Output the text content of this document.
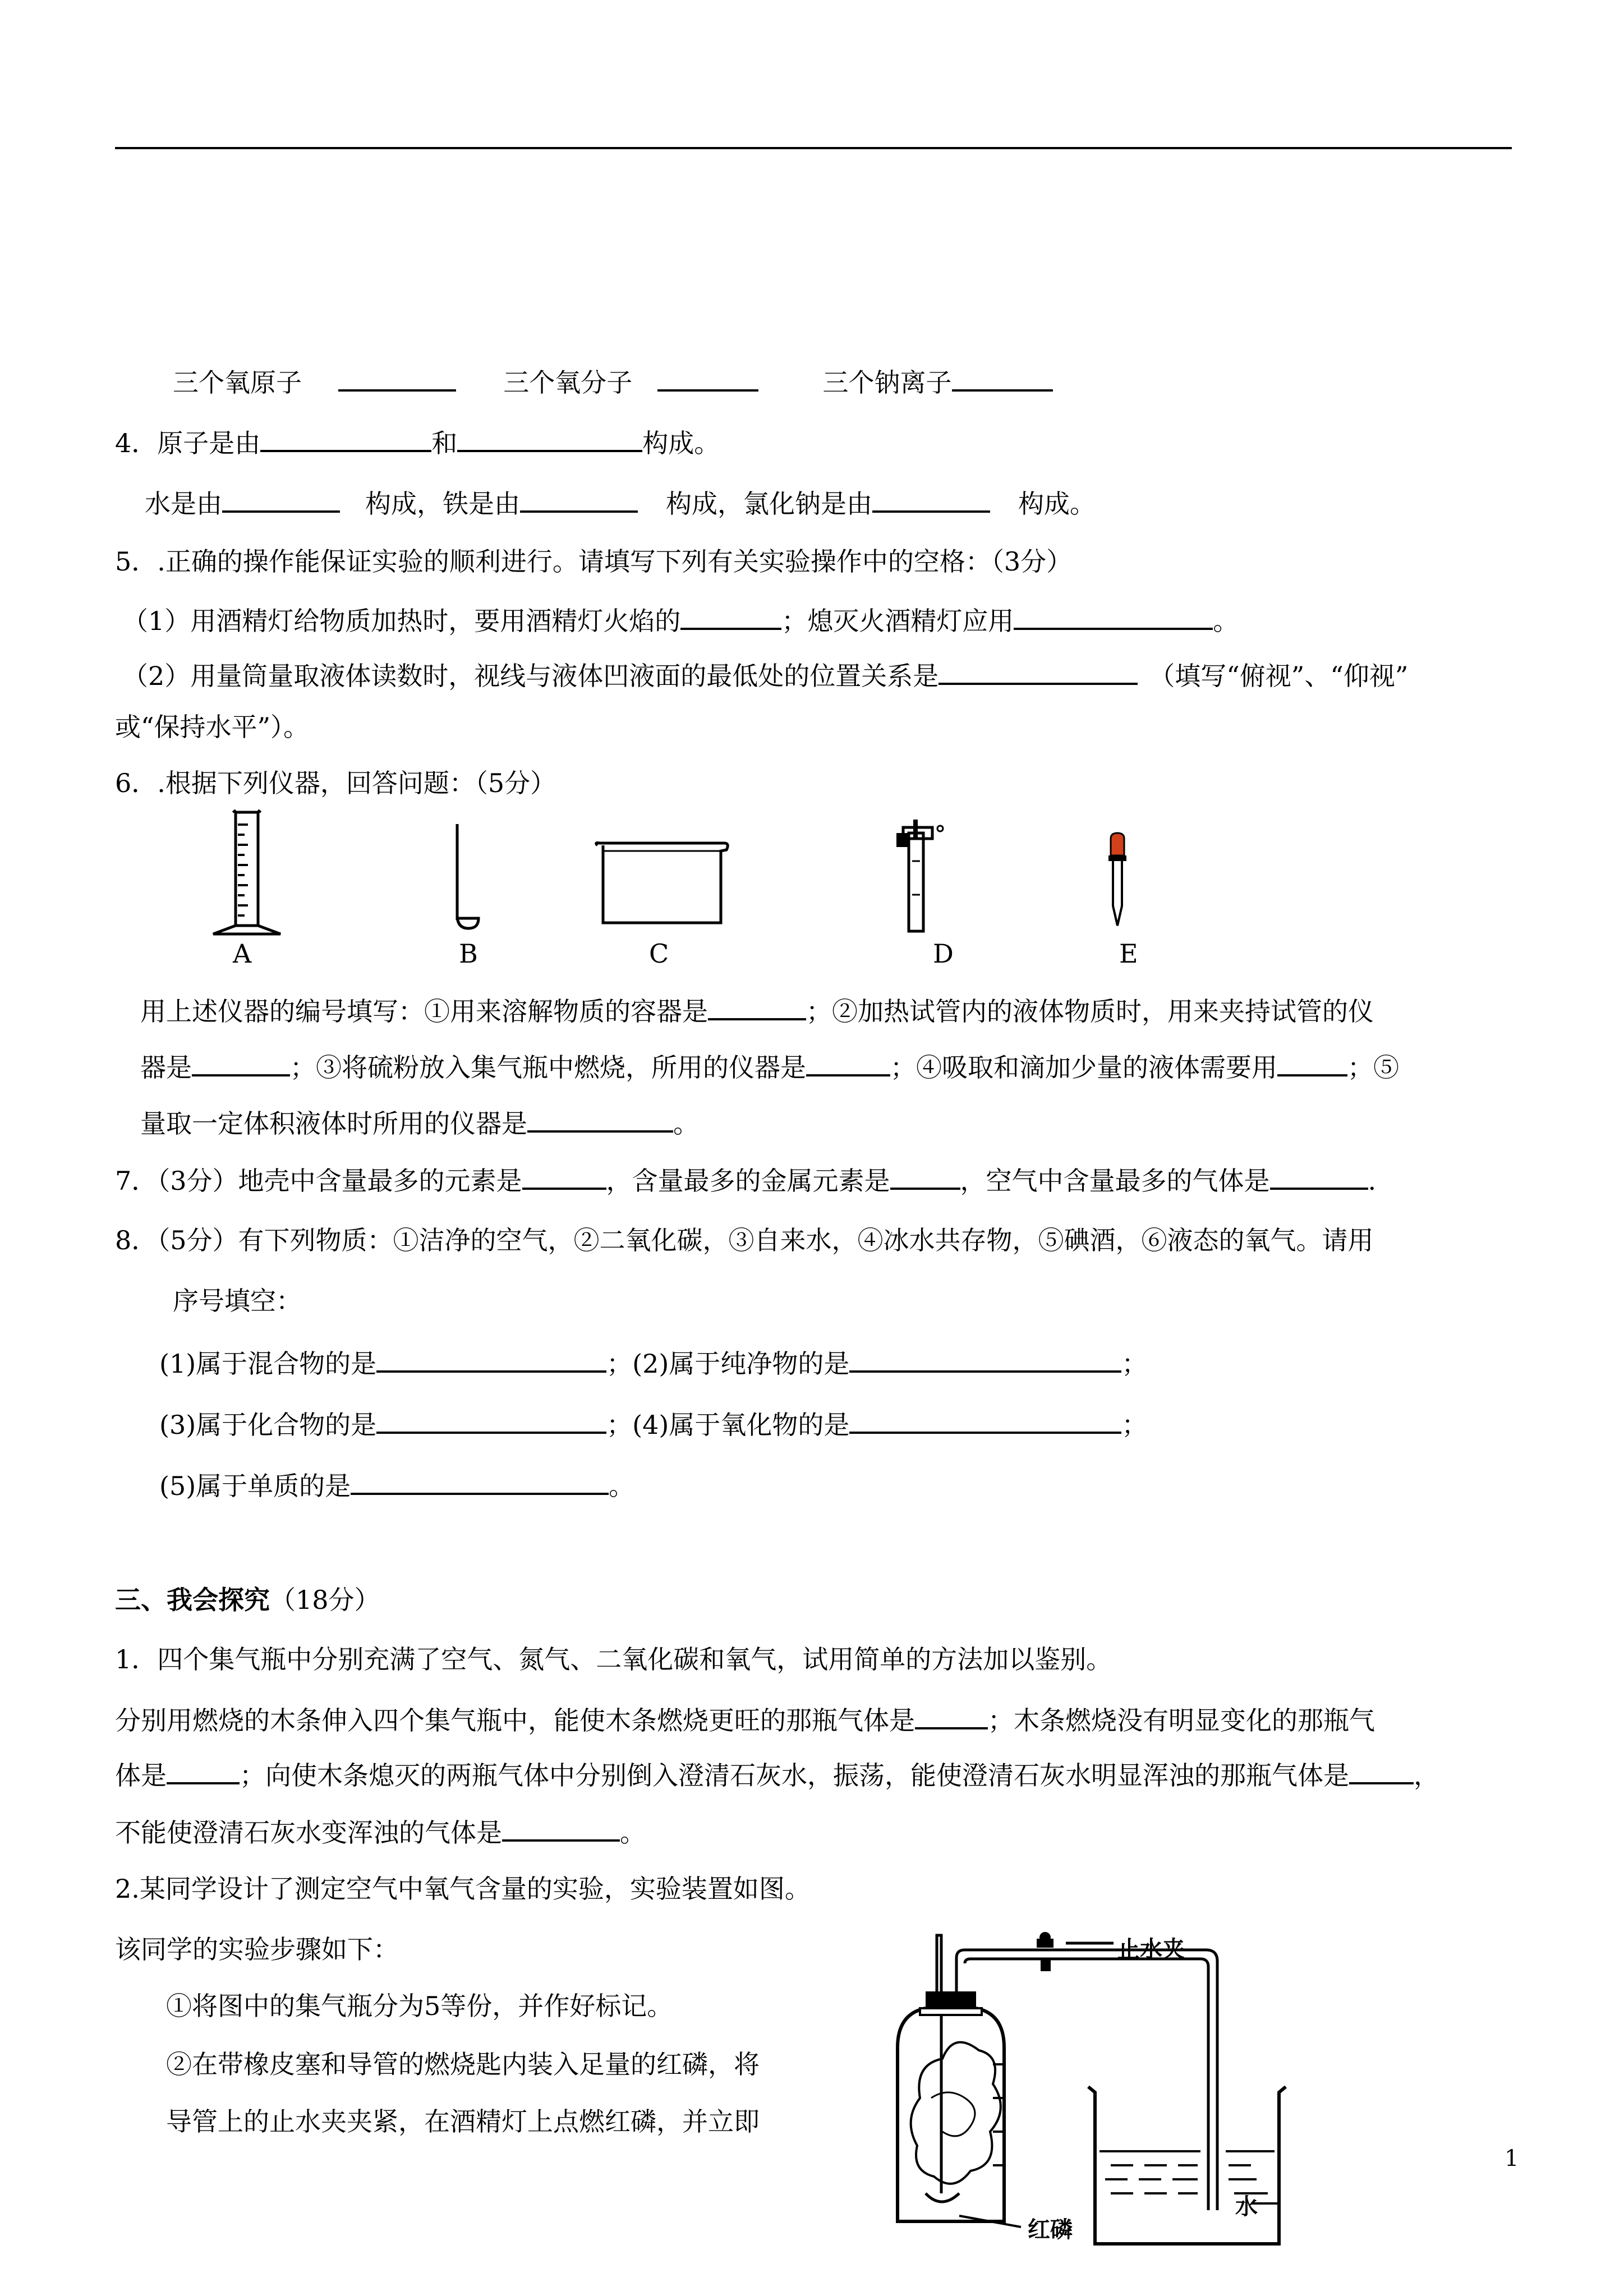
三个氧原子	三个氧分子	三个钠离子
4．原子是由	和	构成。
水是由	构成，铁是由	构成，氯化钠是由	构成。
5．.正确的操作能保证实验的顺利进行。请填写下列有关实验操作中的空格：（3分）
（1）用酒精灯给物质加热时，要用酒精灯火焰的	；熄灭火酒精灯应用	。
（2）用量筒量取液体读数时，视线与液体凹液面的最低处的位置关系是	（填写“俯视”、“仰视”
或“保持水平”）。
6．.根据下列仪器，回答问题：（5分）
A	B	C	D	E
用上述仪器的编号填写：①用来溶解物质的容器是	；②加热试管内的液体物质时，用来夹持试管的仪
器是	；③将硫粉放入集气瓶中燃烧，所用的仪器是	；④吸取和滴加少量的液体需要用	；⑤
量取一定体积液体时所用的仪器是	。
7．（3分）地壳中含量最多的元素是	，含量最多的金属元素是	，空气中含量最多的气体是	.
8．（5分）有下列物质：①洁净的空气，②二氧化碳，③自来水，④冰水共存物，⑤碘酒，⑥液态的氧气。请用
序号填空：
(1)属于混合物的是	；(2)属于纯净物的是	；
(3)属于化合物的是	；(4)属于氧化物的是	；
(5)属于单质的是	。
三、我会探究（18分）
1．四个集气瓶中分别充满了空气、氮气、二氧化碳和氧气，试用简单的方法加以鉴别。
分别用燃烧的木条伸入四个集气瓶中，能使木条燃烧更旺的那瓶气体是	；木条燃烧没有明显变化的那瓶气
体是	；向使木条熄灭的两瓶气体中分别倒入澄清石灰水，振荡，能使澄清石灰水明显浑浊的那瓶气体是	，
不能使澄清石灰水变浑浊的气体是	。
2.某同学设计了测定空气中氧气含量的实验，实验装置如图。
该同学的实验步骤如下：
①将图中的集气瓶分为5等份，并作好标记。
②在带橡皮塞和导管的燃烧匙内装入足量的红磷，将
导管上的止水夹夹紧，在酒精灯上点燃红磷，并立即
止水夹
红磷
水
1
